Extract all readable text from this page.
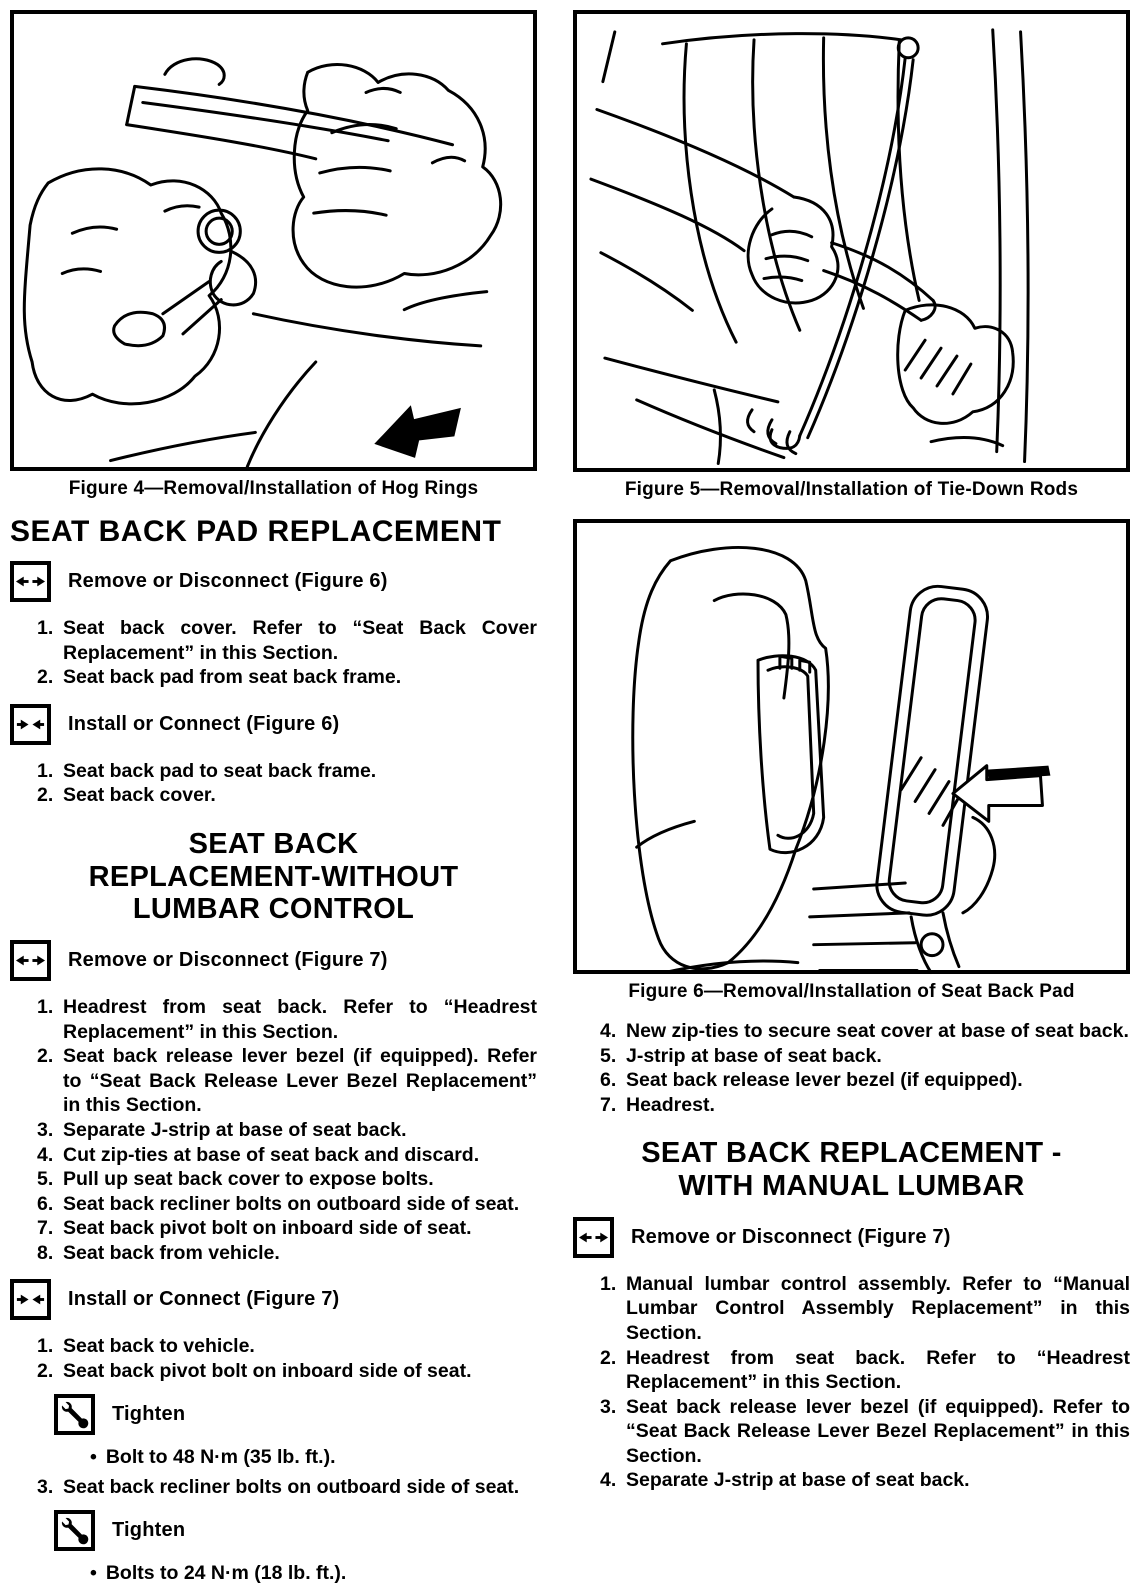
Figure 4—Removal/Installation of Hog Rings
SEAT BACK PAD REPLACEMENT
Remove or Disconnect (Figure 6)
1. Seat back cover. Refer to “Seat Back Cover Replacement” in this Section.
2. Seat back pad from seat back frame.
Install or Connect (Figure 6)
1. Seat back pad to seat back frame.
2. Seat back cover.
SEAT BACK
REPLACEMENT-WITHOUT
LUMBAR CONTROL
Remove or Disconnect (Figure 7)
1. Headrest from seat back. Refer to “Headrest Replacement” in this Section.
2. Seat back release lever bezel (if equipped). Refer to “Seat Back Release Lever Bezel Replacement” in this Section.
3. Separate J-strip at base of seat back.
4. Cut zip-ties at base of seat back and discard.
5. Pull up seat back cover to expose bolts.
6. Seat back recliner bolts on outboard side of seat.
7. Seat back pivot bolt on inboard side of seat.
8. Seat back from vehicle.
Install or Connect (Figure 7)
1. Seat back to vehicle.
2. Seat back pivot bolt on inboard side of seat.
Tighten
• Bolt to 48 N·m (35 lb. ft.).
3. Seat back recliner bolts on outboard side of seat.
Tighten
• Bolts to 24 N·m (18 lb. ft.).
Figure 5—Removal/Installation of Tie-Down Rods
Figure 6—Removal/Installation of Seat Back Pad
4. New zip-ties to secure seat cover at base of seat back.
5. J-strip at base of seat back.
6. Seat back release lever bezel (if equipped).
7. Headrest.
SEAT BACK REPLACEMENT -
WITH MANUAL LUMBAR
Remove or Disconnect (Figure 7)
1. Manual lumbar control assembly. Refer to “Manual Lumbar Control Assembly Replacement” in this Section.
2. Headrest from seat back. Refer to “Headrest Replacement” in this Section.
3. Seat back release lever bezel (if equipped). Refer to “Seat Back Release Lever Bezel Replacement” in this Section.
4. Separate J-strip at base of seat back.
